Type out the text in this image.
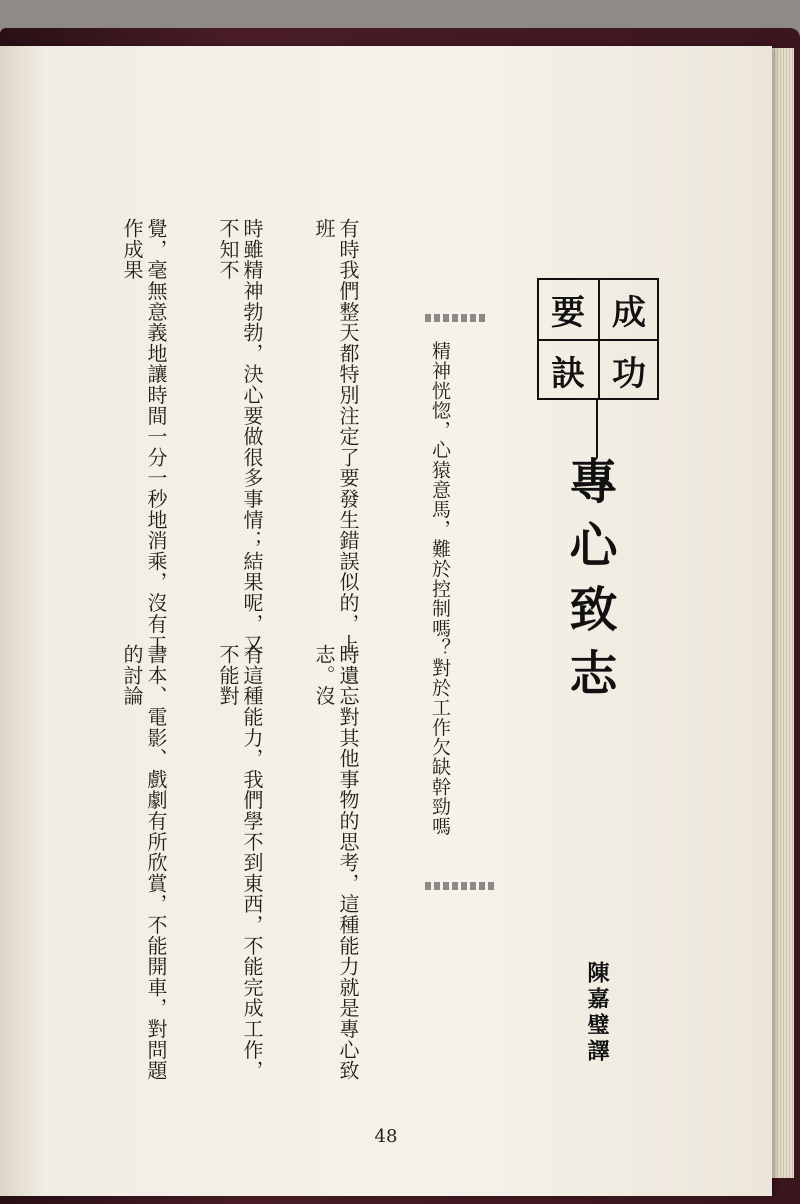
成
功
要
訣
專心致志

精神恍惚，心猿意馬，難於控制嗎？對於工作欠缺幹勁嗎

陳嘉璧譯

有時我們整天都特別注定了要發生錯誤似的，上班

時雖精神勃勃，決心要做很多事情；結果呢，又不知不

覺，毫無意義地讓時間一分一秒地消乘，沒有工作成果

時遺忘對其他事物的思考，這種能力就是專心致志。沒

有這種能力，我們學不到東西，不能完成工作，不能對

書本、電影、戲劇有所欣賞，不能開車，對問題的討論

48
